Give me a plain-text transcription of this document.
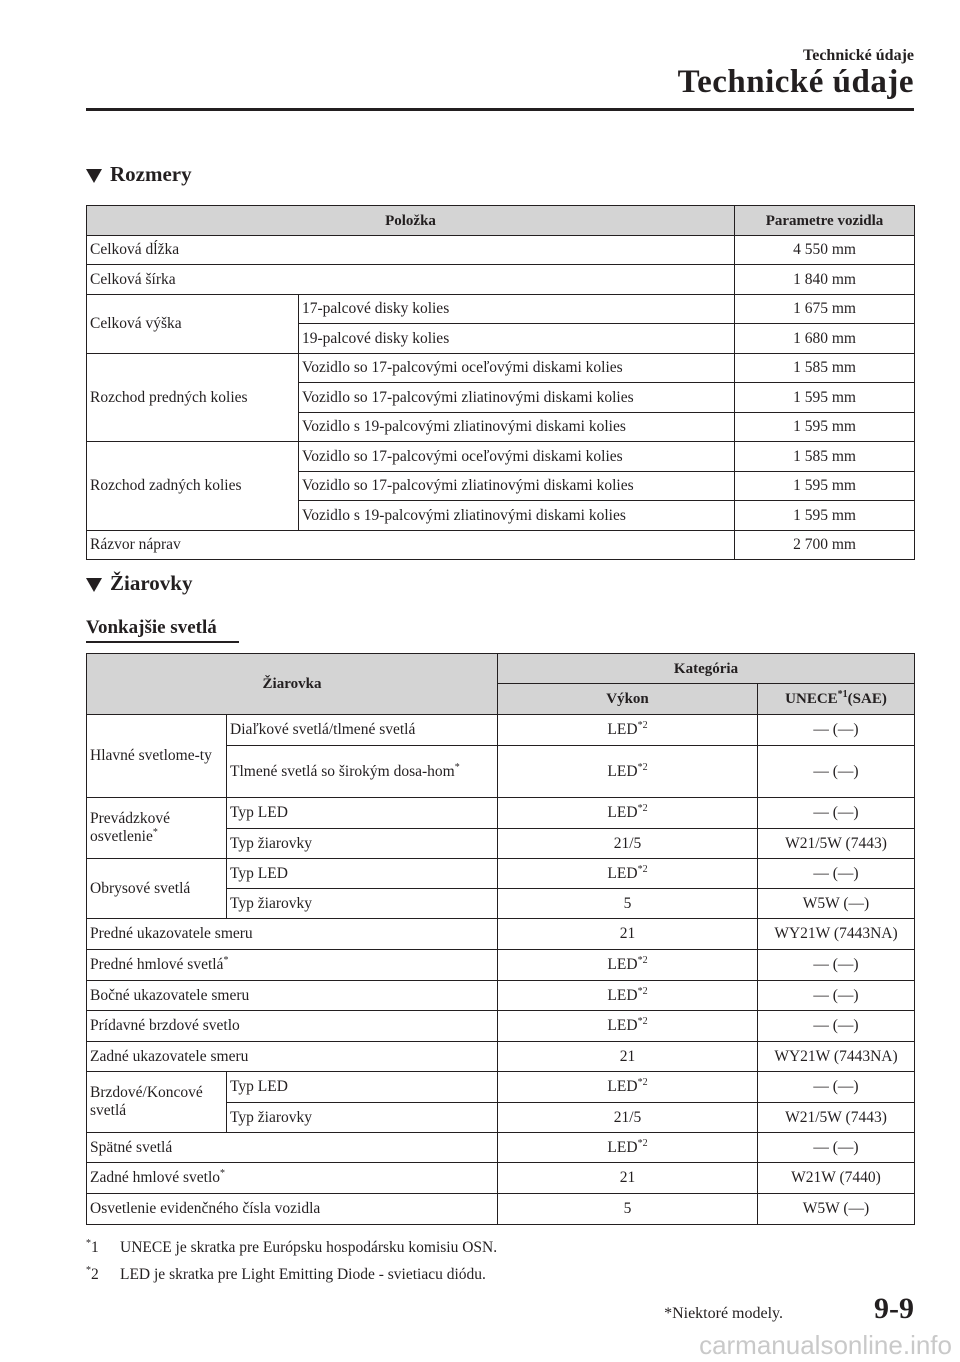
Technické údaje
Technické údaje
Rozmery
Položka		Parametre vozidla
Celková dĺžka		4 550 mm
Celková šírka		1 840 mm
Celková výška	17-palcové disky kolies	1 675 mm
	19-palcové disky kolies	1 680 mm
Rozchod predných kolies	Vozidlo so 17-palcovými oceľovými diskami kolies	1 585 mm
	Vozidlo so 17-palcovými zliatinovými diskami kolies	1 595 mm
	Vozidlo s 19-palcovými zliatinovými diskami kolies	1 595 mm
Rozchod zadných kolies	Vozidlo so 17-palcovými oceľovými diskami kolies	1 585 mm
	Vozidlo so 17-palcovými zliatinovými diskami kolies	1 595 mm
	Vozidlo s 19-palcovými zliatinovými diskami kolies	1 595 mm
Rázvor náprav		2 700 mm
Žiarovky
Vonkajšie svetlá
Žiarovka		Kategória	
		Výkon	UNECE$^{*1}$(SAE)
Hlavné svetlome-ty	Diaľkové svetlá/tlmené svetlá	LED$^{*2}$	— (—)
	Tlmené svetlá so širokým dosa-hom*	LED$^{*2}$	— (—)
Prevádzkové osvetlenie*	Typ LED	LED$^{*2}$	— (—)
	Typ žiarovky	21/5	W21/5W (7443)
Obrysové svetlá	Typ LED	LED$^{*2}$	— (—)
	Typ žiarovky	5	W5W (—)
Predné ukazovatele smeru		21	WY21W (7443NA)
Predné hmlové svetlá*		LED$^{*2}$	— (—)
Bočné ukazovatele smeru		LED$^{*2}$	— (—)
Prídavné brzdové svetlo		LED$^{*2}$	— (—)
Zadné ukazovatele smeru		21	WY21W (7443NA)
Brzdové/Koncové svetlá	Typ LED	LED$^{*2}$	— (—)
	Typ žiarovky	21/5	W21/5W (7443)
Spätné svetlá		LED$^{*2}$	— (—)
Zadné hmlové svetlo*		21	W21W (7440)
Osvetlenie evidenčného čísla vozidla		5	W5W (—)
*1	UNECE je skratka pre Európsku hospodársku komisiu OSN.
*2	LED je skratka pre Light Emitting Diode - svietiacu diódu.
*Niektoré modely.	9-9
carmanualsonline.info
